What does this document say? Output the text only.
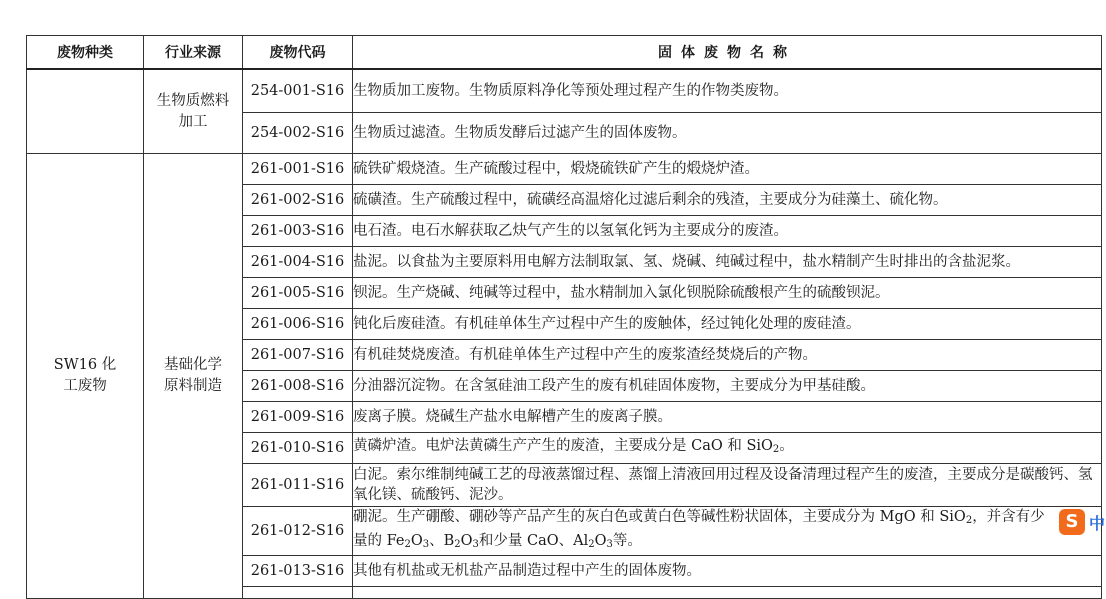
废物种类	行业来源	废物代码	固体废物名称

	生物质燃料加工	254-001-S16	生物质加工废物。生物质原料净化等预处理过程产生的作物类废物。
		254-002-S16	生物质过滤渣。生物质发酵后过滤产生的固体废物。

SW16 化工废物	基础化学原料制造	261-001-S16	硫铁矿煅烧渣。生产硫酸过程中，煅烧硫铁矿产生的煅烧炉渣。
		261-002-S16	硫磺渣。生产硫酸过程中，硫磺经高温熔化过滤后剩余的残渣，主要成分为硅藻土、硫化物。
		261-003-S16	电石渣。电石水解获取乙炔气产生的以氢氧化钙为主要成分的废渣。
		261-004-S16	盐泥。以食盐为主要原料用电解方法制取氯、氢、烧碱、纯碱过程中，盐水精制产生时排出的含盐泥浆。
		261-005-S16	钡泥。生产烧碱、纯碱等过程中，盐水精制加入氯化钡脱除硫酸根产生的硫酸钡泥。
		261-006-S16	钝化后废硅渣。有机硅单体生产过程中产生的废触体，经过钝化处理的废硅渣。
		261-007-S16	有机硅焚烧废渣。有机硅单体生产过程中产生的废浆渣经焚烧后的产物。
		261-008-S16	分油器沉淀物。在含氢硅油工段产生的废有机硅固体废物，主要成分为甲基硅酸。
		261-009-S16	废离子膜。烧碱生产盐水电解槽产生的废离子膜。
		261-010-S16	黄磷炉渣。电炉法黄磷生产产生的废渣，主要成分是 CaO 和 SiO$_2$。
		261-011-S16	白泥。索尔维制纯碱工艺的母液蒸馏过程、蒸馏上清液回用过程及设备清理过程产生的废渣，主要成分是碳酸钙、氢氧化镁、硫酸钙、泥沙。
		261-012-S16	硼泥。生产硼酸、硼砂等产品产生的灰白色或黄白色等碱性粉状固体，主要成分为 MgO 和 SiO$_2$，并含有少
量的 $Fe_2O_3$、$B_2O_3$和少量 CaO、$Al_2O_3$等。
		261-013-S16	其他有机盐或无机盐产品制造过程中产生的固体废物。

S 中
